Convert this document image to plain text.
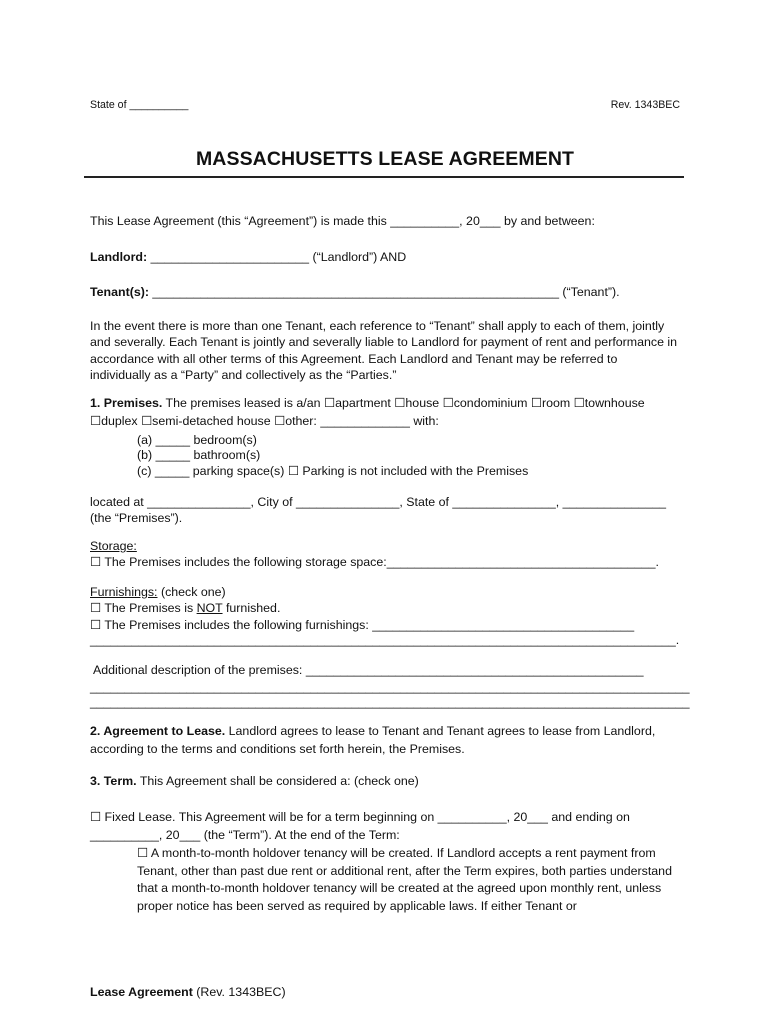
State of __________	Rev. 1343BEC
MASSACHUSETTS LEASE AGREEMENT
This Lease Agreement (this “Agreement”) is made this __________, 20___ by and between:
Landlord: _______________________ (“Landlord”) AND
Tenant(s): ___________________________________________________________ (“Tenant”).
In the event there is more than one Tenant, each reference to “Tenant” shall apply to each of them, jointly and severally. Each Tenant is jointly and severally liable to Landlord for payment of rent and performance in accordance with all other terms of this Agreement. Each Landlord and Tenant may be referred to individually as a “Party” and collectively as the “Parties.”
1. Premises. The premises leased is a/an ☐apartment ☐house ☐condominium ☐room ☐townhouse
☐duplex ☐semi-detached house ☐other: _____________ with:
(a) _____ bedroom(s)
(b) _____ bathroom(s)
(c) _____ parking space(s) ☐ Parking is not included with the Premises
located at _______________, City of _______________, State of _______________, _______________
(the “Premises”).
Storage:
☐ The Premises includes the following storage space:_______________________________________.
Furnishings: (check one)
☐ The Premises is NOT furnished.
☐ The Premises includes the following furnishings: ______________________________________
_____________________________________________________________________________________.
Additional description of the premises: _________________________________________________
_______________________________________________________________________________________
_______________________________________________________________________________________
2. Agreement to Lease. Landlord agrees to lease to Tenant and Tenant agrees to lease from Landlord, according to the terms and conditions set forth herein, the Premises.
3. Term. This Agreement shall be considered a: (check one)
☐ Fixed Lease. This Agreement will be for a term beginning on __________, 20___ and ending on
__________, 20___ (the “Term”). At the end of the Term:
☐ A month-to-month holdover tenancy will be created. If Landlord accepts a rent payment from Tenant, other than past due rent or additional rent, after the Term expires, both parties understand that a month-to-month holdover tenancy will be created at the agreed upon monthly rent, unless proper notice has been served as required by applicable laws. If either Tenant or
Lease Agreement (Rev. 1343BEC)
